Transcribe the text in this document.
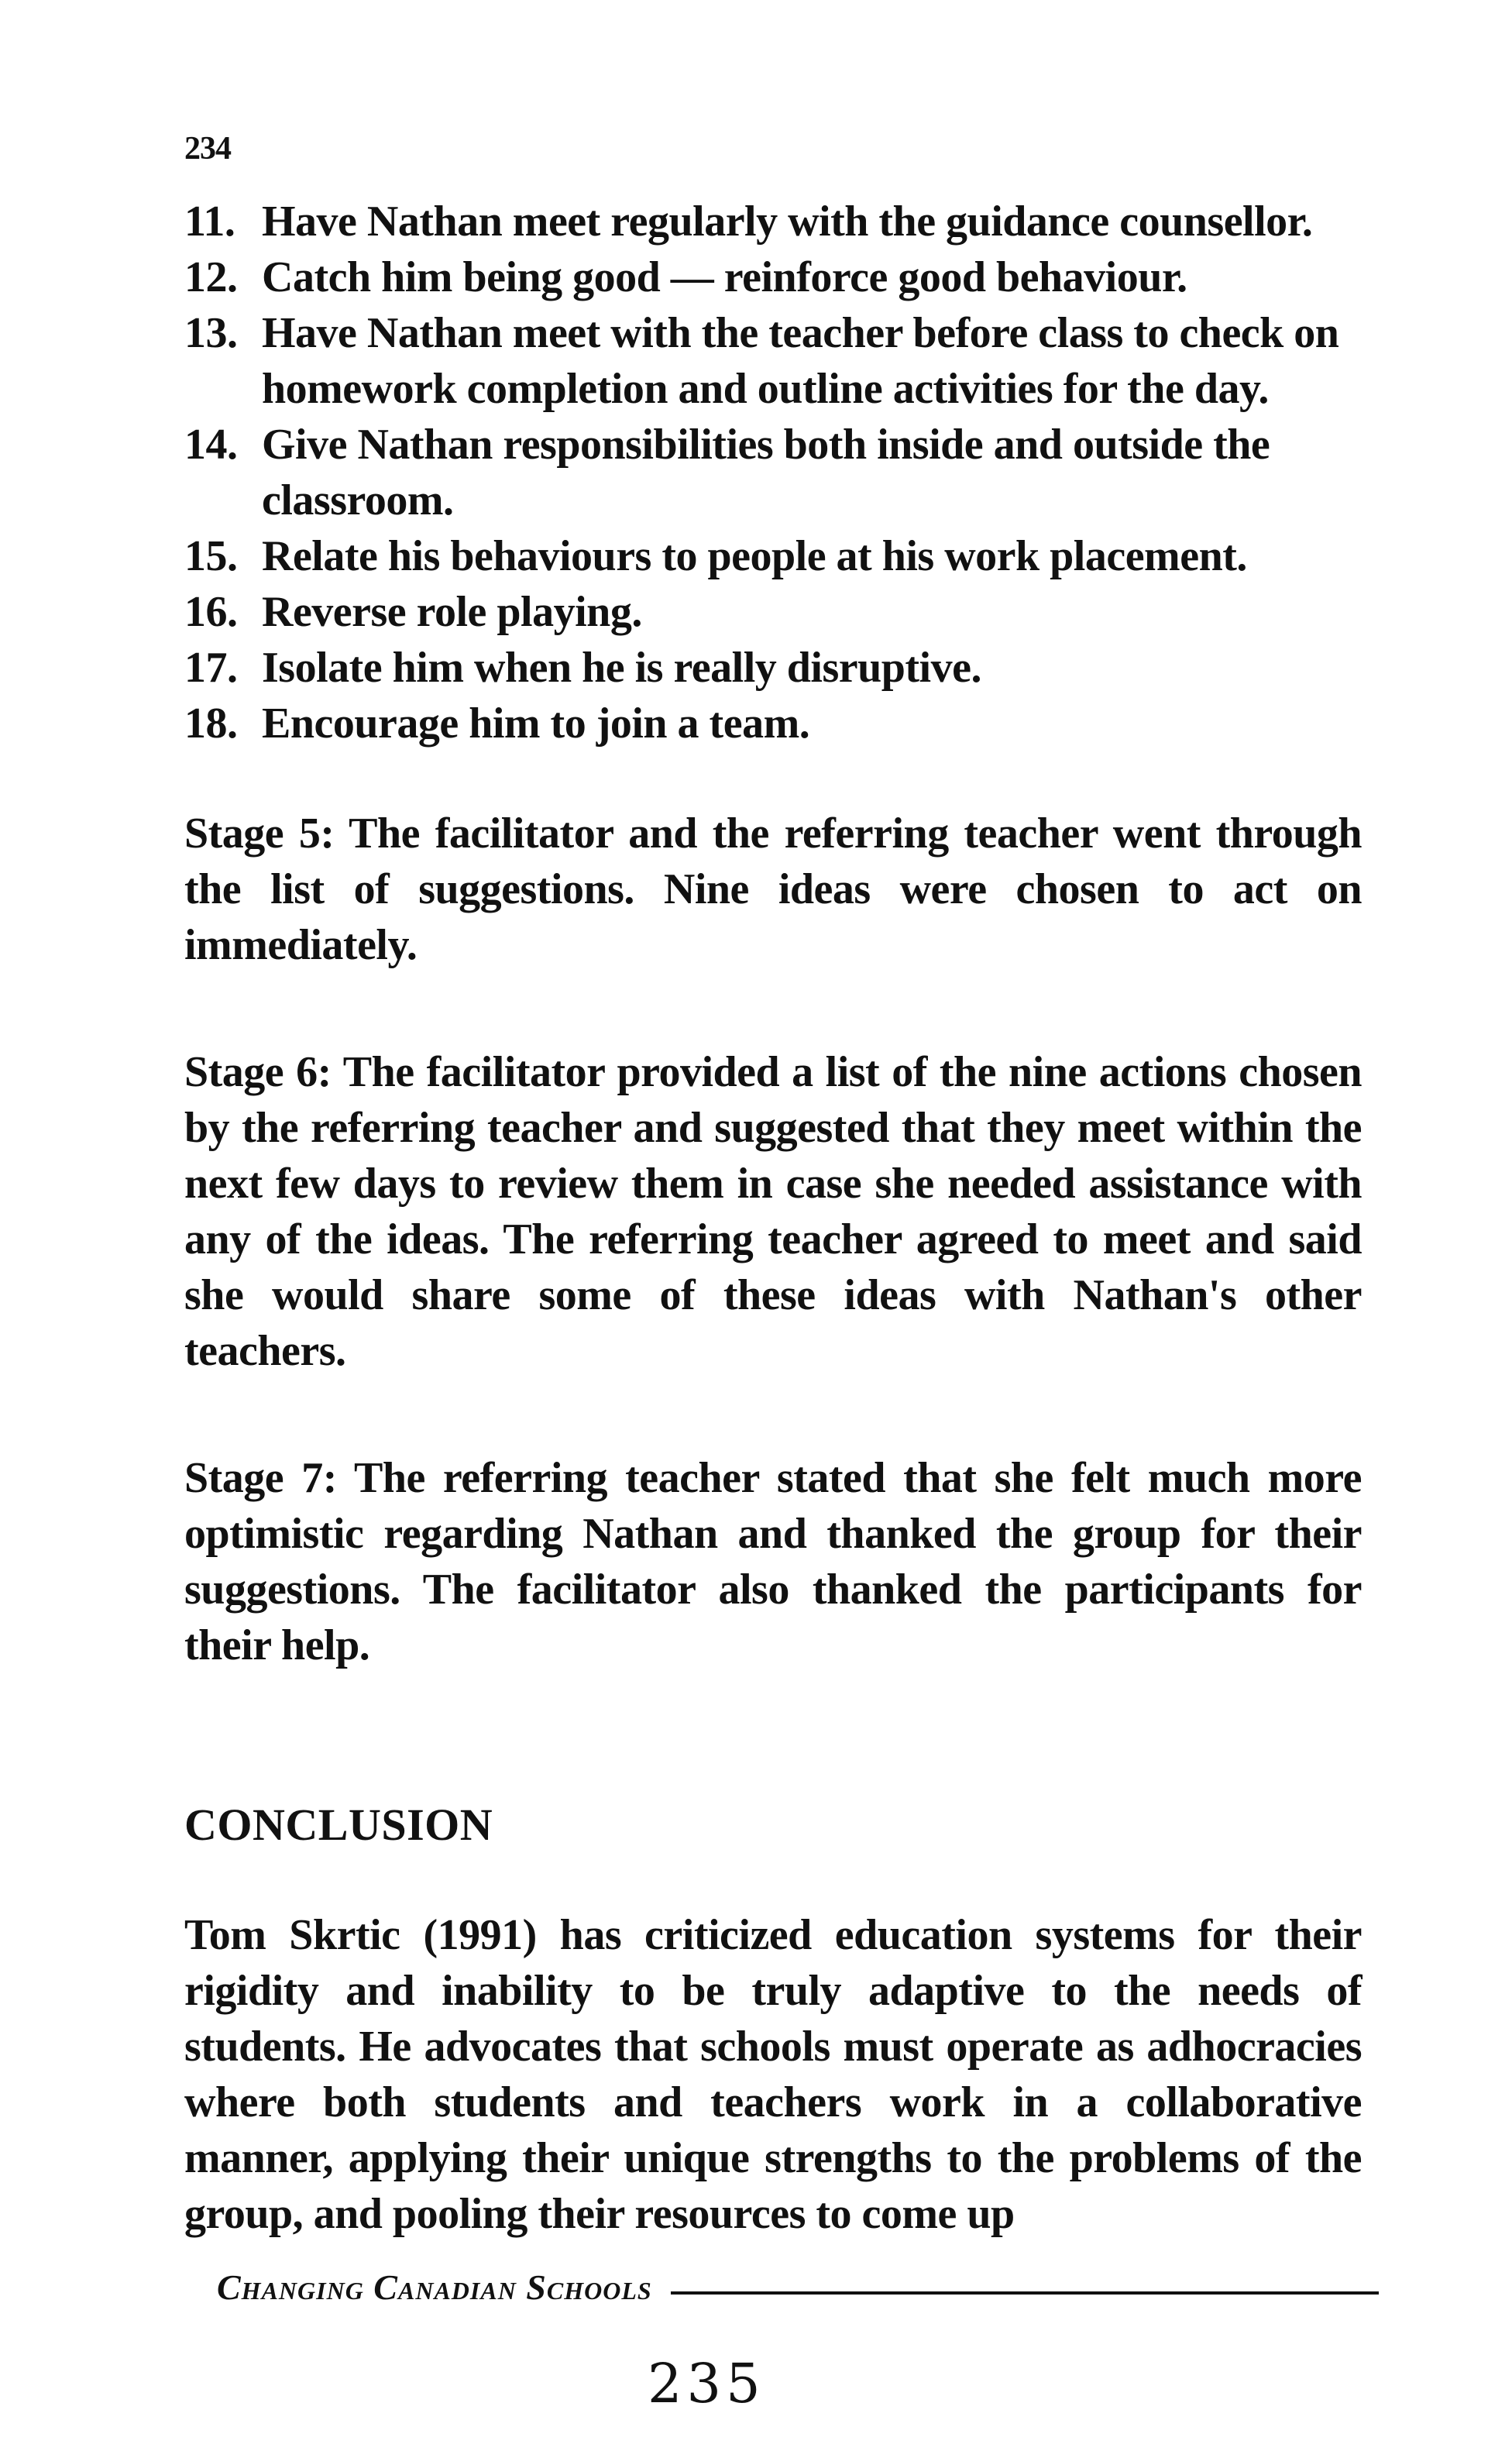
234
11. Have Nathan meet regularly with the guidance counsellor.
12. Catch him being good — reinforce good behaviour.
13. Have Nathan meet with the teacher before class to check on homework completion and outline activities for the day.
14. Give Nathan responsibilities both inside and outside the classroom.
15. Relate his behaviours to people at his work placement.
16. Reverse role playing.
17. Isolate him when he is really disruptive.
18. Encourage him to join a team.

Stage 5: The facilitator and the referring teacher went through the list of suggestions. Nine ideas were chosen to act on immediately.

Stage 6: The facilitator provided a list of the nine actions chosen by the referring teacher and suggested that they meet within the next few days to review them in case she needed assistance with any of the ideas. The referring teacher agreed to meet and said she would share some of these ideas with Nathan's other teachers.

Stage 7: The referring teacher stated that she felt much more optimistic regarding Nathan and thanked the group for their suggestions. The facilitator also thanked the participants for their help.

CONCLUSION

Tom Skrtic (1991) has criticized education systems for their rigidity and inability to be truly adaptive to the needs of students. He advocates that schools must operate as adhocracies where both students and teachers work in a collaborative manner, applying their unique strengths to the problems of the group, and pooling their resources to come up

Changing Canadian Schools
235
